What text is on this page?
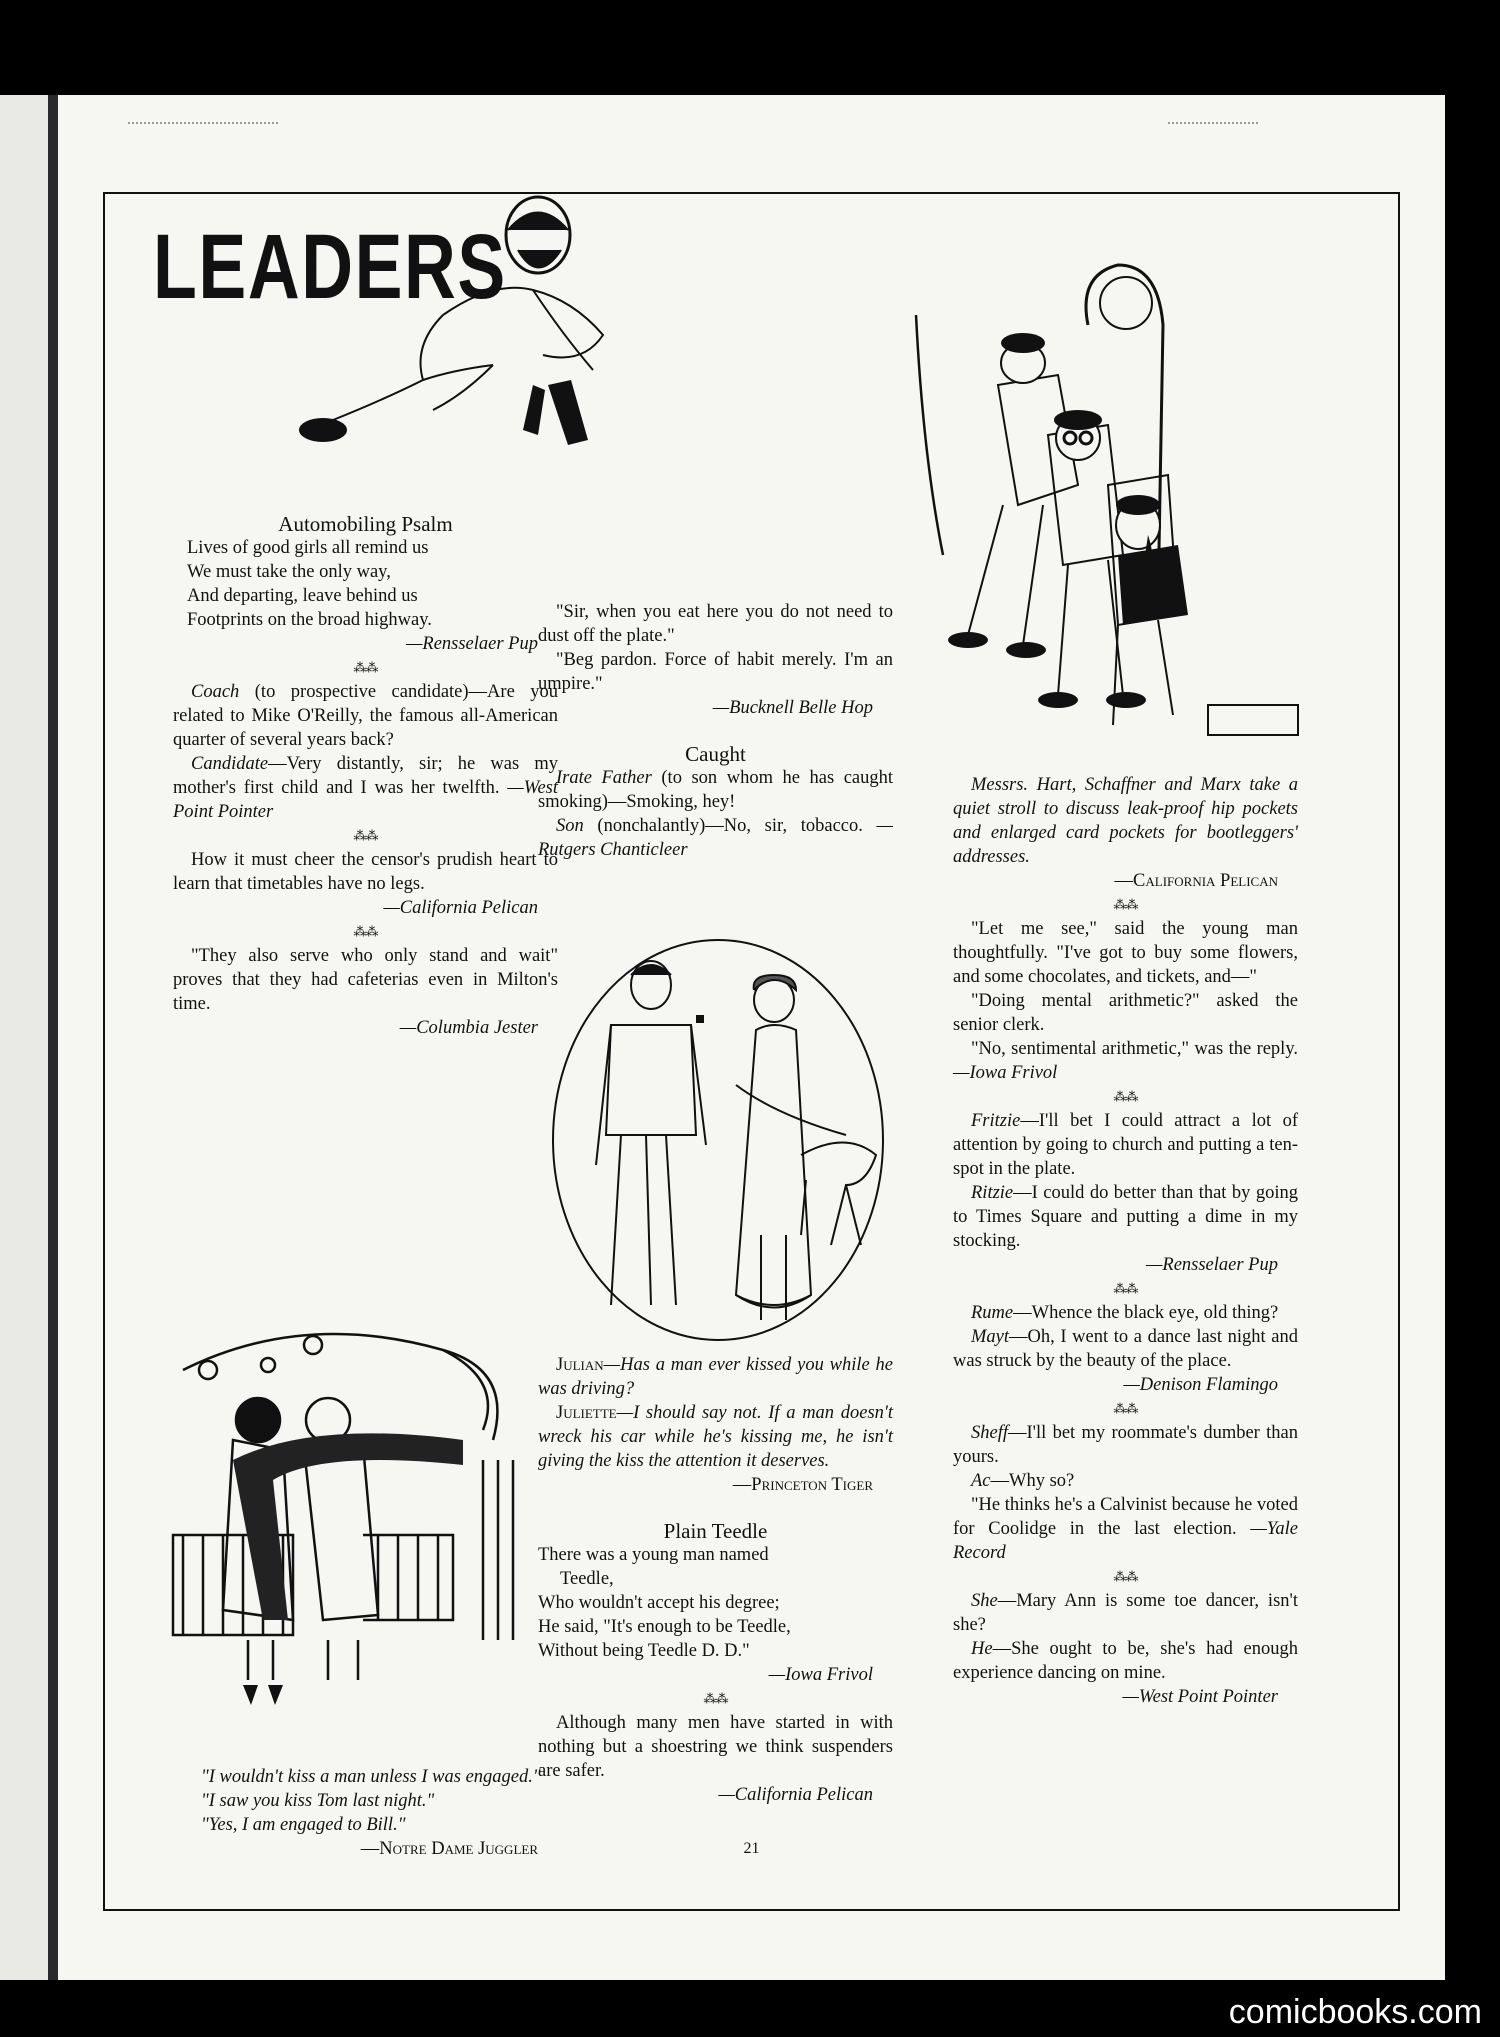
LEADERS

Automobiling Psalm

Lives of good girls all remind us

We must take the only way,

And departing, leave behind us

Footprints on the broad highway.

—Rensselaer Pup

⁂⁂

Coach (to prospective candidate)—Are you related to Mike O'Reilly, the famous all-American quarter of several years back?

Candidate—Very distantly, sir; he was my mother's first child and I was her twelfth. —West Point Pointer

⁂⁂

How it must cheer the censor's prudish heart to learn that timetables have no legs.

—California Pelican

⁂⁂

"They also serve who only stand and wait" proves that they had cafeterias even in Milton's time.

—Columbia Jester

"I wouldn't kiss a man unless I was engaged."

"I saw you kiss Tom last night."

"Yes, I am engaged to Bill."

—Notre Dame Juggler

"Sir, when you eat here you do not need to dust off the plate."

"Beg pardon. Force of habit merely. I'm an umpire."

—Bucknell Belle Hop

Caught

Irate Father (to son whom he has caught smoking)—Smoking, hey!

Son (nonchalantly)—No, sir, tobacco. —Rutgers Chanticleer

Julian—Has a man ever kissed you while he was driving?

Juliette—I should say not. If a man doesn't wreck his car while he's kissing me, he isn't giving the kiss the attention it deserves.

—Princeton Tiger

Plain Teedle

There was a young man named

Teedle,

Who wouldn't accept his degree;

He said, "It's enough to be Teedle,

Without being Teedle D. D."

—Iowa Frivol

⁂⁂

Although many men have started in with nothing but a shoestring we think suspenders are safer.

—California Pelican

Messrs. Hart, Schaffner and Marx take a quiet stroll to discuss leak-proof hip pockets and enlarged card pockets for bootleggers' addresses.

—California Pelican

⁂⁂

"Let me see," said the young man thoughtfully. "I've got to buy some flowers, and some chocolates, and tickets, and—"

"Doing mental arithmetic?" asked the senior clerk.

"No, sentimental arithmetic," was the reply. —Iowa Frivol

⁂⁂

Fritzie—I'll bet I could attract a lot of attention by going to church and putting a ten-spot in the plate.

Ritzie—I could do better than that by going to Times Square and putting a dime in my stocking.

—Rensselaer Pup

⁂⁂

Rume—Whence the black eye, old thing?

Mayt—Oh, I went to a dance last night and was struck by the beauty of the place.

—Denison Flamingo

⁂⁂

Sheff—I'll bet my roommate's dumber than yours.

Ac—Why so?

"He thinks he's a Calvinist because he voted for Coolidge in the last election. —Yale Record

⁂⁂

She—Mary Ann is some toe dancer, isn't she?

He—She ought to be, she's had enough experience dancing on mine.

—West Point Pointer

21
comicbooks.com
